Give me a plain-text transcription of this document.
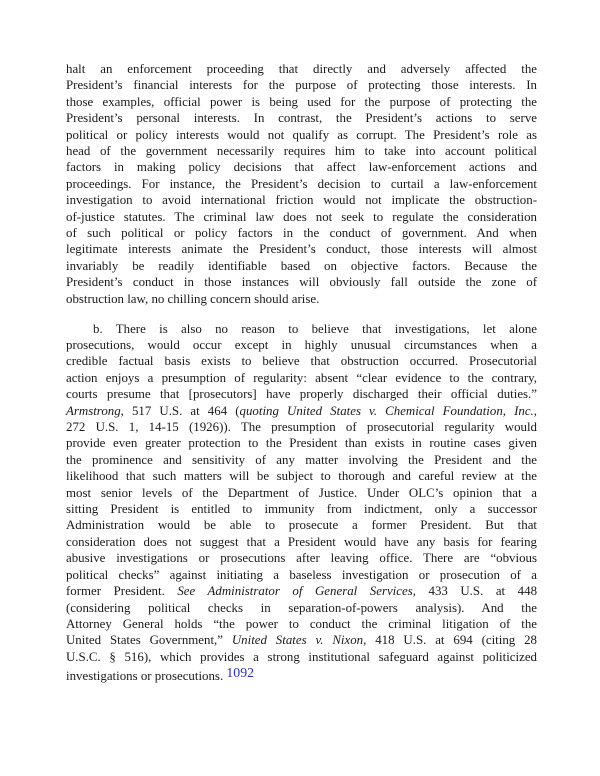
halt an enforcement proceeding that directly and adversely affected the
President’s financial interests for the purpose of protecting those interests. In
those examples, official power is being used for the purpose of protecting the
President’s personal interests. In contrast, the President’s actions to serve
political or policy interests would not qualify as corrupt. The President’s role as
head of the government necessarily requires him to take into account political
factors in making policy decisions that affect law-enforcement actions and
proceedings. For instance, the President’s decision to curtail a law-enforcement
investigation to avoid international friction would not implicate the obstruction-
of-justice statutes. The criminal law does not seek to regulate the consideration
of such political or policy factors in the conduct of government. And when
legitimate interests animate the President’s conduct, those interests will almost
invariably be readily identifiable based on objective factors. Because the
President’s conduct in those instances will obviously fall outside the zone of
obstruction law, no chilling concern should arise.
b. There is also no reason to believe that investigations, let alone
prosecutions, would occur except in highly unusual circumstances when a
credible factual basis exists to believe that obstruction occurred. Prosecutorial
action enjoys a presumption of regularity: absent “clear evidence to the contrary,
courts presume that [prosecutors] have properly discharged their official duties.”
Armstrong, 517 U.S. at 464 (quoting United States v. Chemical Foundation, Inc.,
272 U.S. 1, 14-15 (1926)). The presumption of prosecutorial regularity would
provide even greater protection to the President than exists in routine cases given
the prominence and sensitivity of any matter involving the President and the
likelihood that such matters will be subject to thorough and careful review at the
most senior levels of the Department of Justice. Under OLC’s opinion that a
sitting President is entitled to immunity from indictment, only a successor
Administration would be able to prosecute a former President. But that
consideration does not suggest that a President would have any basis for fearing
abusive investigations or prosecutions after leaving office. There are “obvious
political checks” against initiating a baseless investigation or prosecution of a
former President. See Administrator of General Services, 433 U.S. at 448
(considering political checks in separation-of-powers analysis). And the
Attorney General holds “the power to conduct the criminal litigation of the
United States Government,” United States v. Nixon, 418 U.S. at 694 (citing 28
U.S.C. § 516), which provides a strong institutional safeguard against politicized
investigations or prosecutions. 1092
